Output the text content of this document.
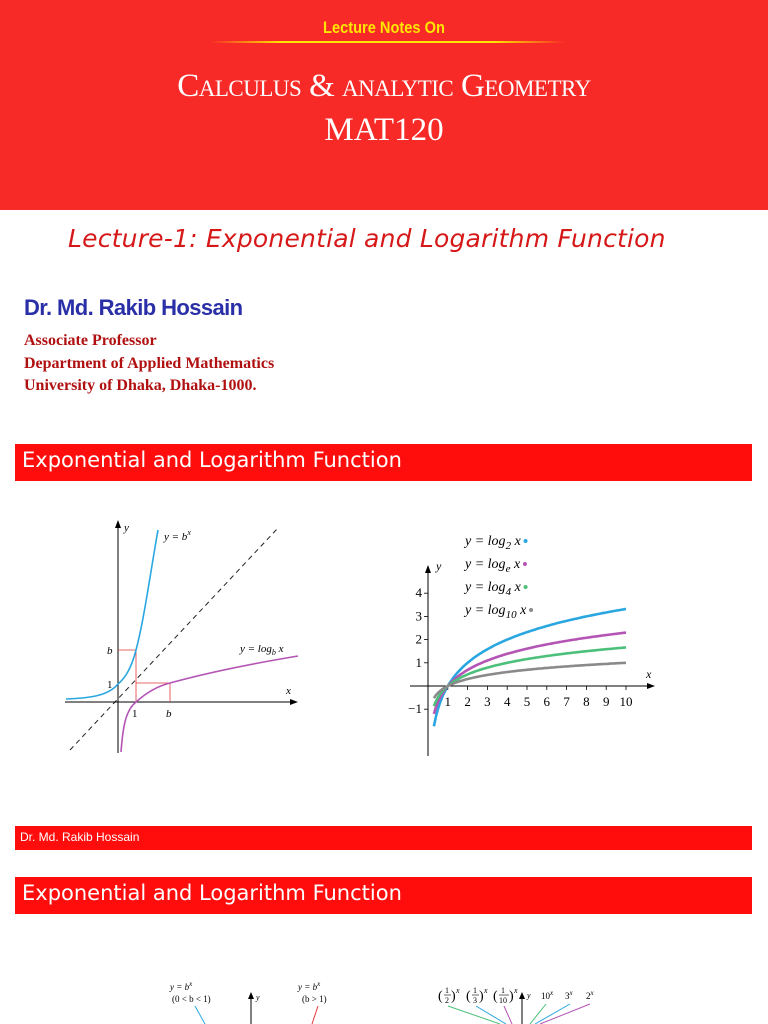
Lecture Notes On
Calculus & analytic Geometry
MAT120
Lecture-1: Exponential and Logarithm Function
Dr. Md. Rakib Hossain
Associate Professor
Department of Applied Mathematics
University of Dhaka, Dhaka-1000.
Exponential and Logarithm Function
y
x
$y = b^x$
$y = \log_b x$
b
1
1	b
x
y
1 2 3 4 5 6 7 8 9 10
−1
1
2
3
4
$y = \log_2 x$
$y = \log_e x$
$y = \log_4 x$
$y = \log_{10} x$
Dr. Md. Rakib Hossain
Exponential and Logarithm Function
$y = b^x$
(0 < b < 1)
$y = b^x$
(b > 1)
y	( 1
2 ) x ( 1
3 ) x ( 1
10 ) x
y 10$^x$ 3$^x$ 2$^x$
